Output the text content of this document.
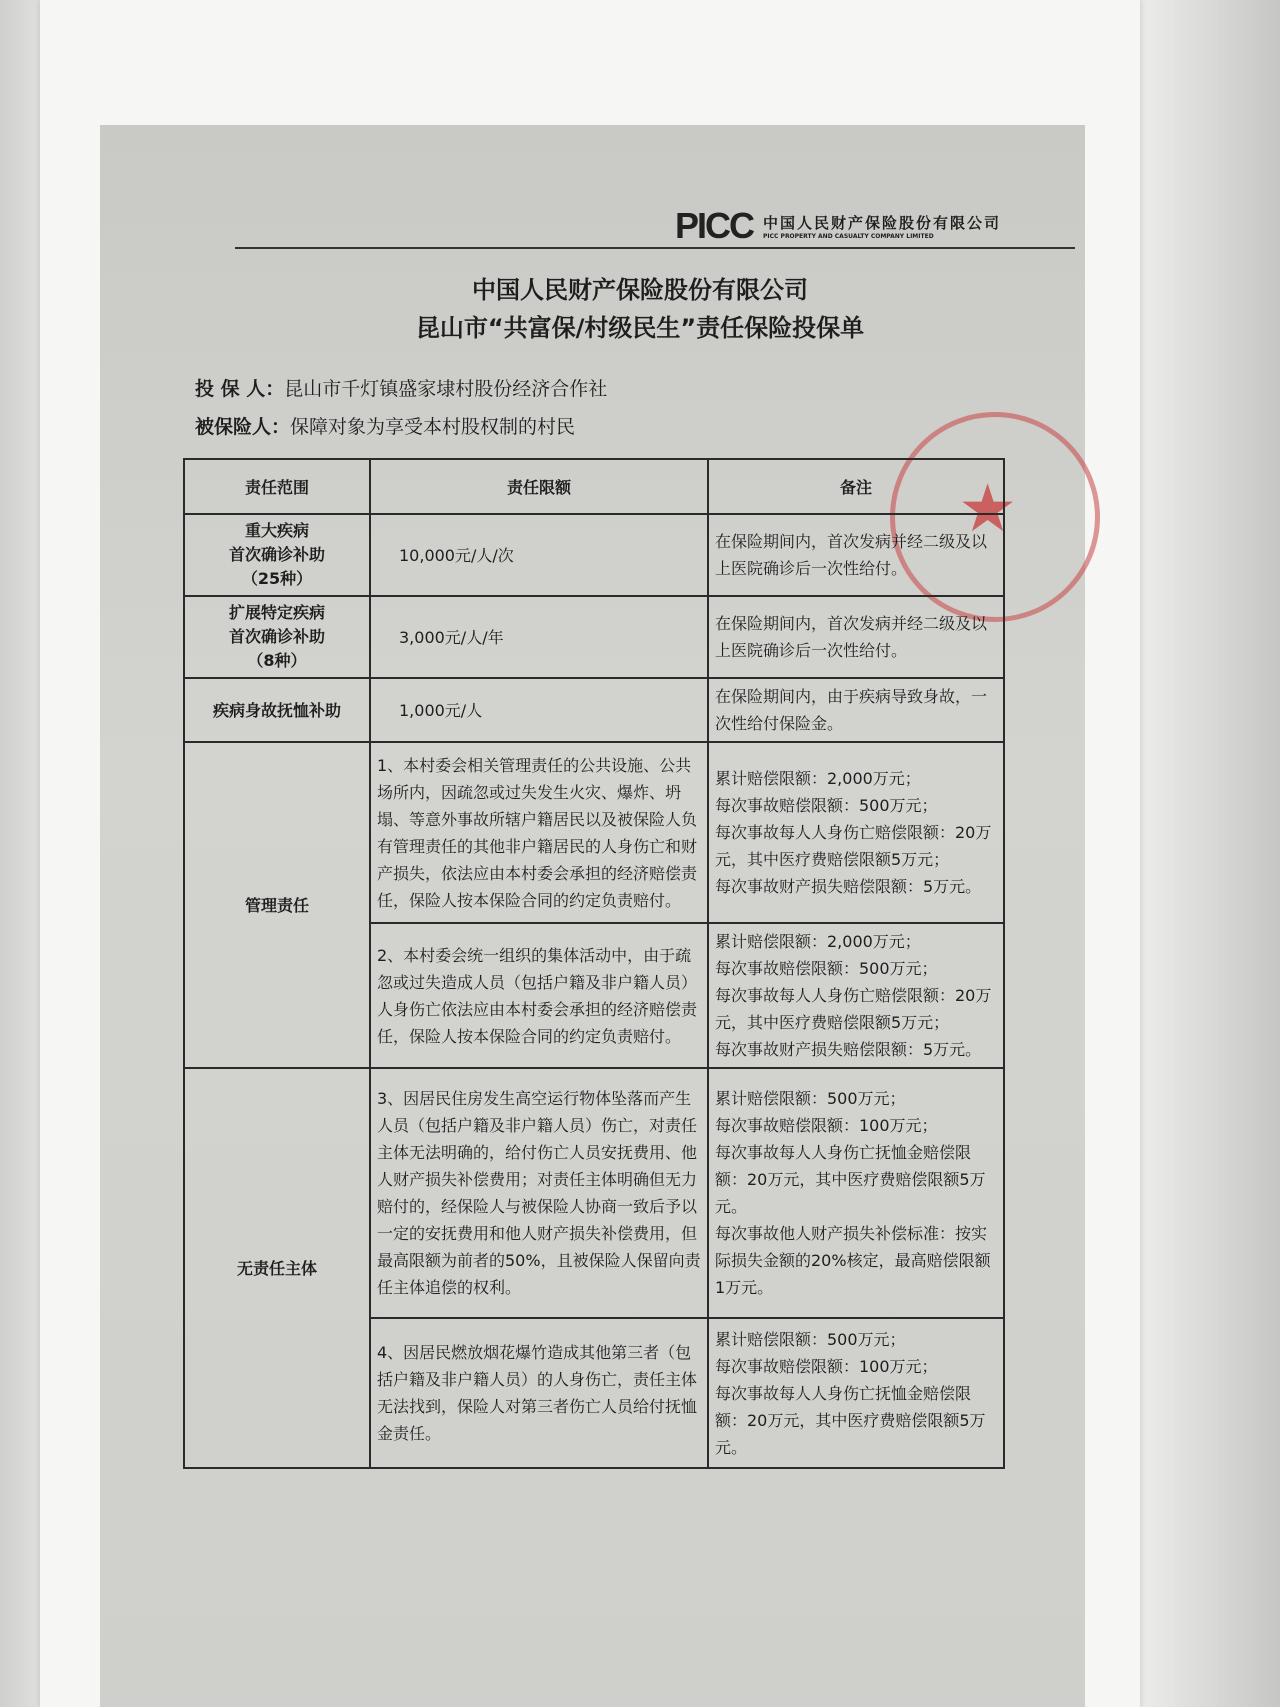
PICC 中国人民财产保险股份有限公司
PICC PROPERTY AND CASUALTY COMPANY LIMITED
中国人民财产保险股份有限公司
昆山市“共富保/村级民生”责任保险投保单
投 保 人：昆山市千灯镇盛家埭村股份经济合作社
被保险人：保障对象为享受本村股权制的村民
★
责任范围	责任限额	备注
重大疾病
首次确诊补助
（25种）	10,000元/人/次	在保险期间内，首次发病并经二级及以上医院确诊后一次性给付。
扩展特定疾病
首次确诊补助
（8种）	3,000元/人/年	在保险期间内，首次发病并经二级及以上医院确诊后一次性给付。
疾病身故抚恤补助	1,000元/人	在保险期间内，由于疾病导致身故，一次性给付保险金。
管理责任	1、本村委会相关管理责任的公共设施、公共场所内，因疏忽或过失发生火灾、爆炸、坍塌、等意外事故所辖户籍居民以及被保险人负有管理责任的其他非户籍居民的人身伤亡和财产损失，依法应由本村委会承担的经济赔偿责任，保险人按本保险合同的约定负责赔付。	累计赔偿限额：2,000万元；
每次事故赔偿限额：500万元；
每次事故每人人身伤亡赔偿限额：20万元，其中医疗费赔偿限额5万元；
每次事故财产损失赔偿限额：5万元。
	2、本村委会统一组织的集体活动中，由于疏忽或过失造成人员（包括户籍及非户籍人员）人身伤亡依法应由本村委会承担的经济赔偿责任，保险人按本保险合同的约定负责赔付。	累计赔偿限额：2,000万元；
每次事故赔偿限额：500万元；
每次事故每人人身伤亡赔偿限额：20万元，其中医疗费赔偿限额5万元；
每次事故财产损失赔偿限额：5万元。
无责任主体	3、因居民住房发生高空运行物体坠落而产生人员（包括户籍及非户籍人员）伤亡，对责任主体无法明确的，给付伤亡人员安抚费用、他人财产损失补偿费用；对责任主体明确但无力赔付的，经保险人与被保险人协商一致后予以一定的安抚费用和他人财产损失补偿费用，但最高限额为前者的50%，且被保险人保留向责任主体追偿的权利。	累计赔偿限额：500万元；
每次事故赔偿限额：100万元；
每次事故每人人身伤亡抚恤金赔偿限额：20万元，其中医疗费赔偿限额5万元。
每次事故他人财产损失补偿标准：按实际损失金额的20%核定，最高赔偿限额1万元。
	4、因居民燃放烟花爆竹造成其他第三者（包括户籍及非户籍人员）的人身伤亡，责任主体无法找到，保险人对第三者伤亡人员给付抚恤金责任。	累计赔偿限额：500万元；
每次事故赔偿限额：100万元；
每次事故每人人身伤亡抚恤金赔偿限额：20万元，其中医疗费赔偿限额5万元。
